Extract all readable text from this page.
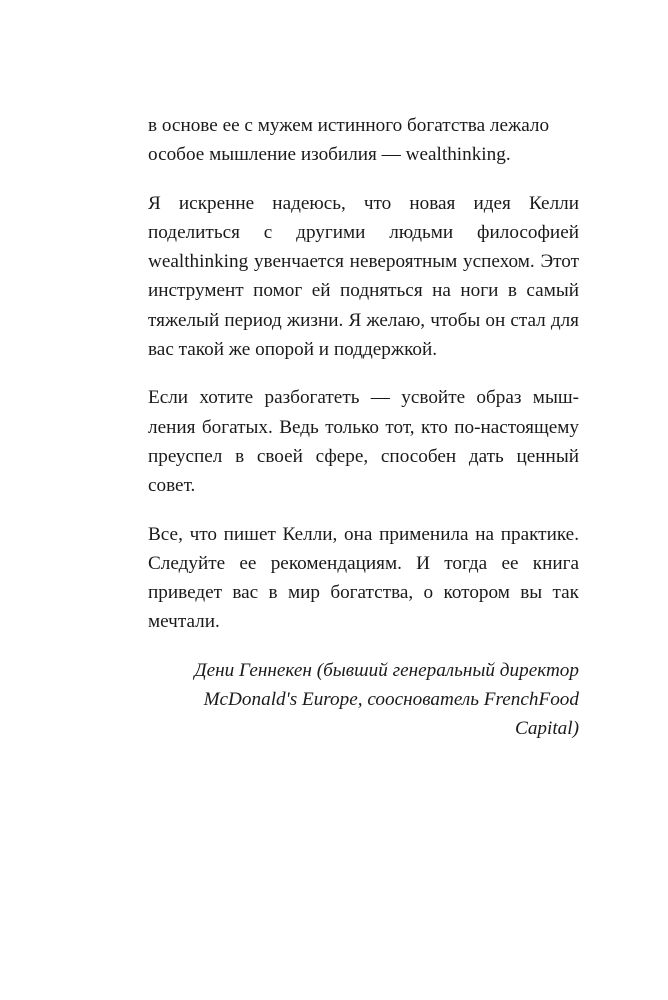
в основе ее с мужем истинного богатства лежало особое мышление изобилия — wealthinking.

Я искренне надеюсь, что новая идея Келли поделиться с другими людьми философией wealthinking увенчается невероятным успехом. Этот инструмент помог ей подняться на ноги в самый тяжелый период жизни. Я желаю, чтобы он стал для вас такой же опорой и поддержкой.

Если хотите разбогатеть — усвойте образ мышления богатых. Ведь только тот, кто по-настоящему преуспел в своей сфере, способен дать ценный совет.

Все, что пишет Келли, она применила на практике. Следуйте ее рекомендациям. И тогда ее книга приведет вас в мир богатства, о котором вы так мечтали.

Дени Геннекен (бывший генеральный директор
McDonald's Europe, сооснователь FrenchFood
Capital)
